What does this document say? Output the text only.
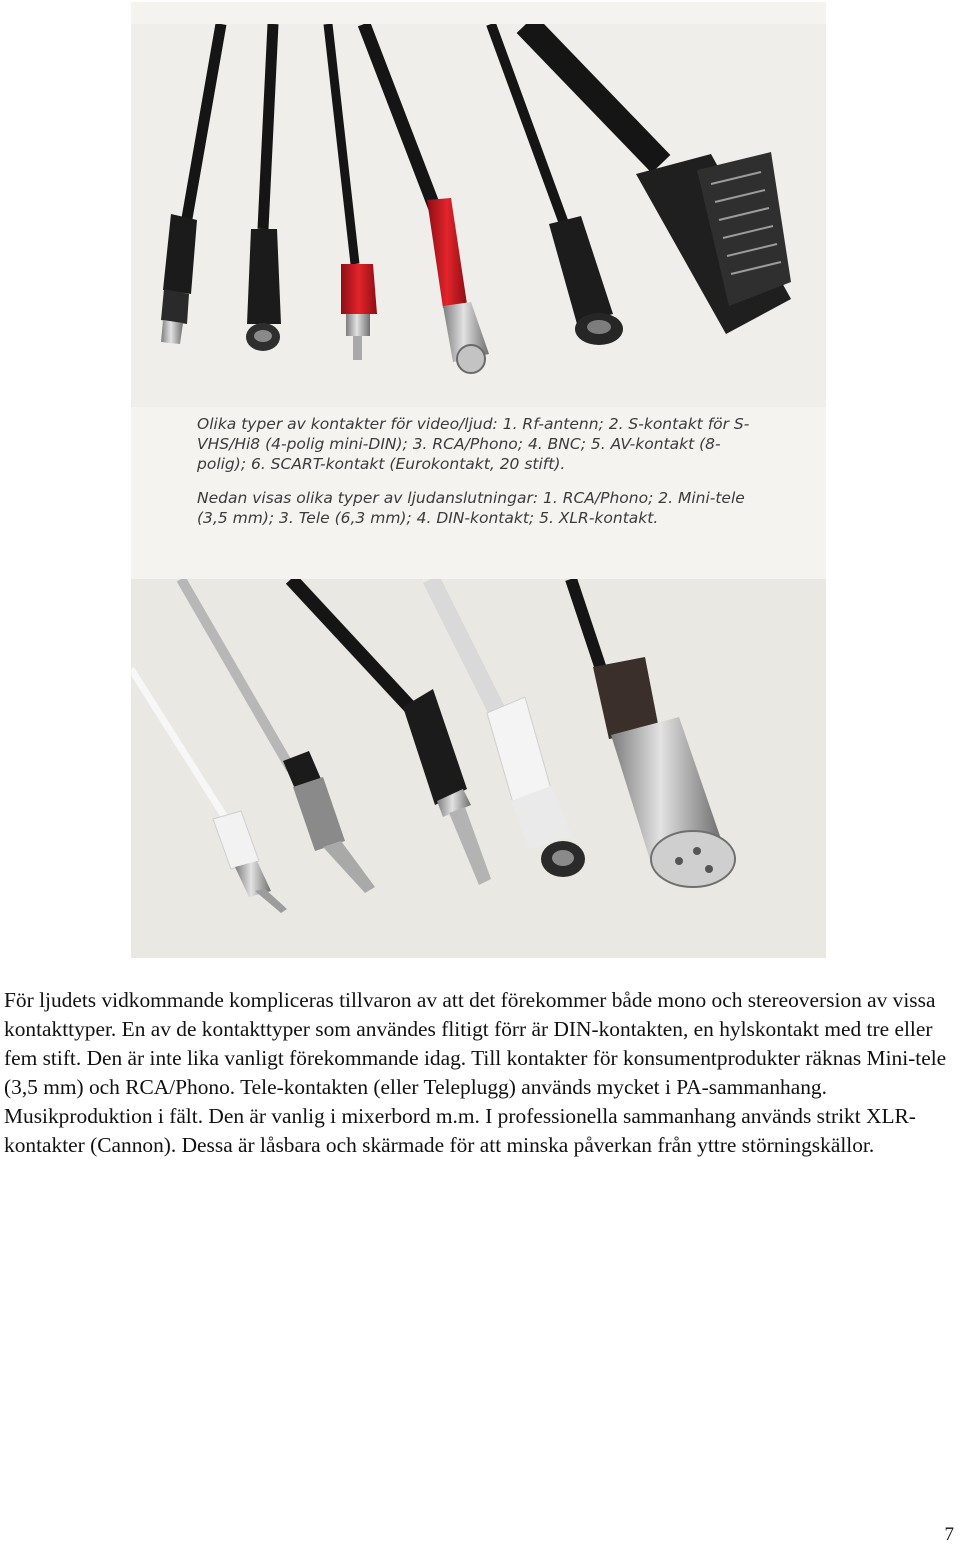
Olika typer av kontakter för video/ljud: 1. Rf-antenn; 2. S-kontakt för S-VHS/Hi8 (4-polig mini-DIN); 3. RCA/Phono; 4. BNC; 5. AV-kontakt (8-polig); 6. SCART-kontakt (Eurokontakt, 20 stift).

Nedan visas olika typer av ljudanslutningar: 1. RCA/Phono; 2. Mini-tele (3,5 mm); 3. Tele (6,3 mm); 4. DIN-kontakt; 5. XLR-kontakt.

För ljudets vidkommande kompliceras tillvaron av att det förekommer både mono och stereoversion av vissa kontakttyper. En av de kontakttyper som användes flitigt förr är DIN-kontakten, en hylskontakt med tre eller fem stift. Den är inte lika vanligt förekommande idag. Till kontakter för konsumentprodukter räknas Mini-tele (3,5 mm) och RCA/Phono. Tele-kontakten (eller Teleplugg) används mycket i PA-sammanhang. Musikproduktion i fält. Den är vanlig i mixerbord m.m. I professionella sammanhang används strikt XLR-kontakter (Cannon). Dessa är låsbara och skärmade för att minska påverkan från yttre störningskällor.

7
